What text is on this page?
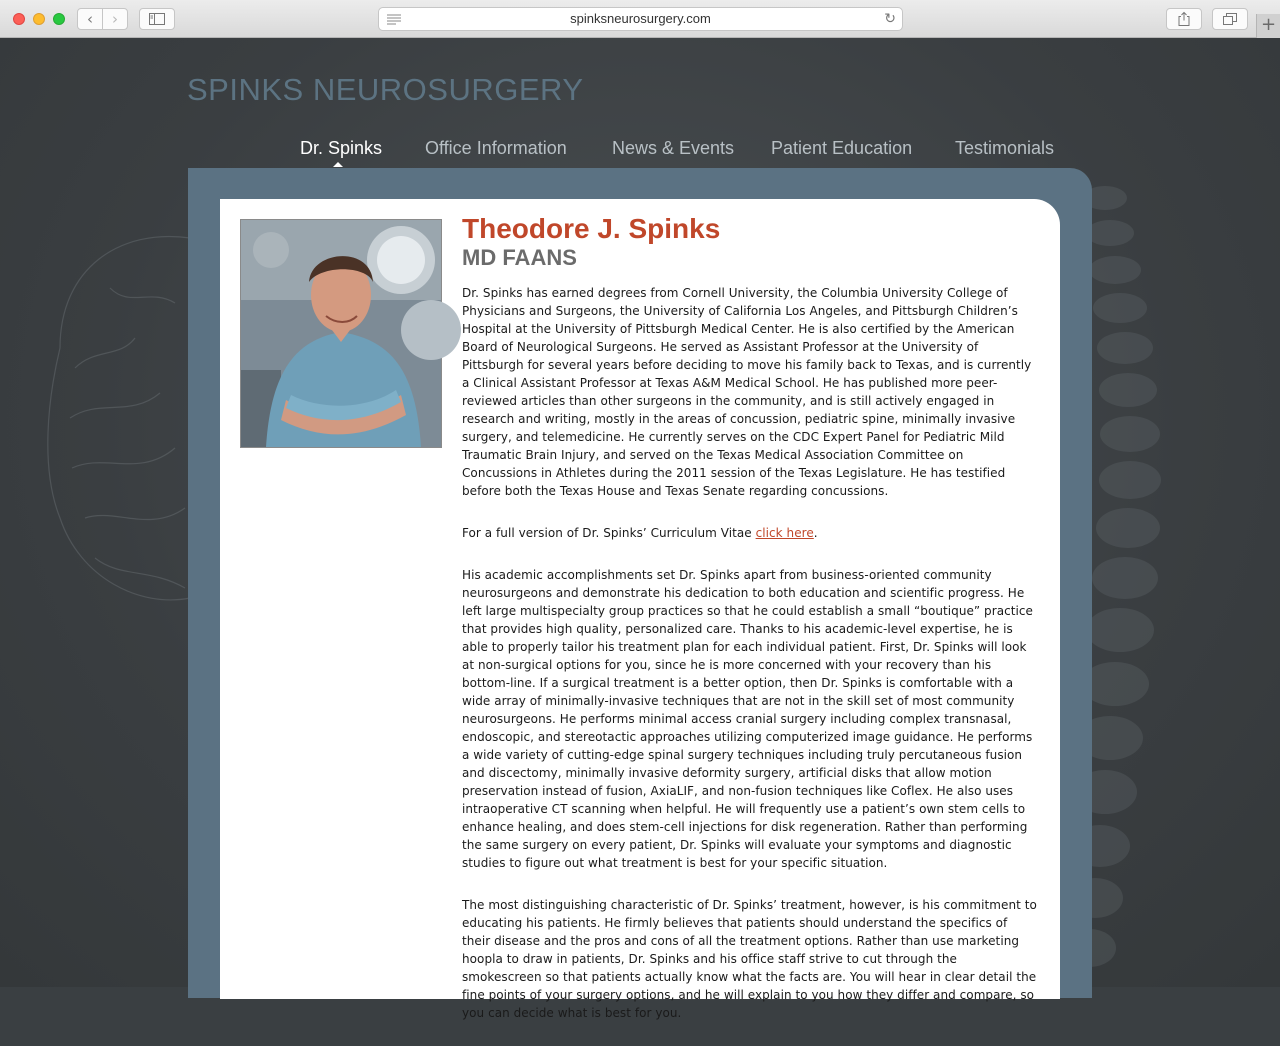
‹	›	spinksneurosurgery.com	↻	+
SPINKS NEUROSURGERY
Dr. Spinks Office Information	News & Events Patient Education Testimonials
Theodore J. Spinks
MD FAANS

Dr. Spinks has earned degrees from Cornell University, the Columbia University College of Physicians and Surgeons, the University of California Los Angeles, and Pittsburgh Children’s Hospital at the University of Pittsburgh Medical Center. He is also certified by the American Board of Neurological Surgeons. He served as Assistant Professor at the University of Pittsburgh for several years before deciding to move his family back to Texas, and is currently a Clinical Assistant Professor at Texas A&M Medical School. He has published more peer-reviewed articles than other surgeons in the community, and is still actively engaged in research and writing, mostly in the areas of concussion, pediatric spine, minimally invasive surgery, and telemedicine. He currently serves on the CDC Expert Panel for Pediatric Mild Traumatic Brain Injury, and served on the Texas Medical Association Committee on Concussions in Athletes during the 2011 session of the Texas Legislature. He has testified before both the Texas House and Texas Senate regarding concussions.

For a full version of Dr. Spinks’ Curriculum Vitae click here.

His academic accomplishments set Dr. Spinks apart from business-oriented community neurosurgeons and demonstrate his dedication to both education and scientific progress. He left large multispecialty group practices so that he could establish a small “boutique” practice that provides high quality, personalized care. Thanks to his academic-level expertise, he is able to properly tailor his treatment plan for each individual patient. First, Dr. Spinks will look at non-surgical options for you, since he is more concerned with your recovery than his bottom-line. If a surgical treatment is a better option, then Dr. Spinks is comfortable with a wide array of minimally-invasive techniques that are not in the skill set of most community neurosurgeons. He performs minimal access cranial surgery including complex transnasal, endoscopic, and stereotactic approaches utilizing computerized image guidance. He performs a wide variety of cutting-edge spinal surgery techniques including truly percutaneous fusion and discectomy, minimally invasive deformity surgery, artificial disks that allow motion preservation instead of fusion, AxiaLIF, and non-fusion techniques like Coflex. He also uses intraoperative CT scanning when helpful. He will frequently use a patient’s own stem cells to enhance healing, and does stem-cell injections for disk regeneration. Rather than performing the same surgery on every patient, Dr. Spinks will evaluate your symptoms and diagnostic studies to figure out what treatment is best for your specific situation.

The most distinguishing characteristic of Dr. Spinks’ treatment, however, is his commitment to educating his patients. He firmly believes that patients should understand the specifics of their disease and the pros and cons of all the treatment options. Rather than use marketing hoopla to draw in patients, Dr. Spinks and his office staff strive to cut through the smokescreen so that patients actually know what the facts are. You will hear in clear detail the fine points of your surgery options, and he will explain to you how they differ and compare, so you can decide what is best for you.
